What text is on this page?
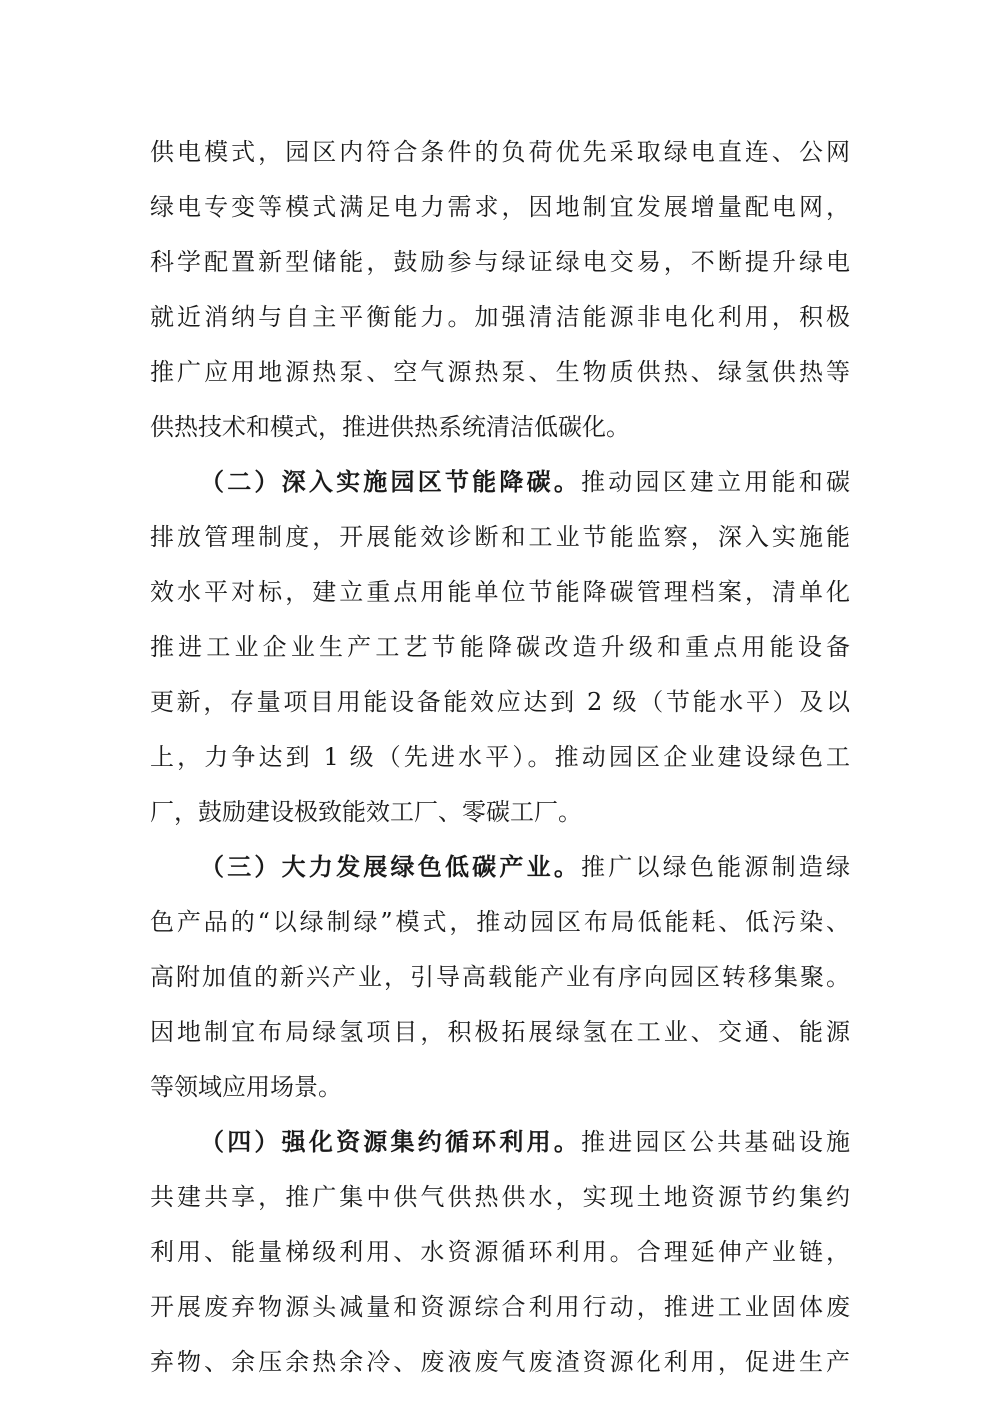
供电模式，园区内符合条件的负荷优先采取绿电直连、公网
绿电专变等模式满足电力需求，因地制宜发展增量配电网，
科学配置新型储能，鼓励参与绿证绿电交易，不断提升绿电
就近消纳与自主平衡能力。加强清洁能源非电化利用，积极
推广应用地源热泵、空气源热泵、生物质供热、绿氢供热等
供热技术和模式，推进供热系统清洁低碳化。
（二）深入实施园区节能降碳。推动园区建立用能和碳
排放管理制度，开展能效诊断和工业节能监察，深入实施能
效水平对标，建立重点用能单位节能降碳管理档案，清单化
推进工业企业生产工艺节能降碳改造升级和重点用能设备
更新，存量项目用能设备能效应达到 2 级（节能水平）及以
上，力争达到 1 级（先进水平）。推动园区企业建设绿色工
厂，鼓励建设极致能效工厂、零碳工厂。
（三）大力发展绿色低碳产业。推广以绿色能源制造绿
色产品的“以绿制绿”模式，推动园区布局低能耗、低污染、
高附加值的新兴产业，引导高载能产业有序向园区转移集聚。
因地制宜布局绿氢项目，积极拓展绿氢在工业、交通、能源
等领域应用场景。
（四）强化资源集约循环利用。推进园区公共基础设施
共建共享，推广集中供气供热供水，实现土地资源节约集约
利用、能量梯级利用、水资源循环利用。合理延伸产业链，
开展废弃物源头减量和资源综合利用行动，推进工业固体废
弃物、余压余热余冷、废液废气废渣资源化利用，促进生产
